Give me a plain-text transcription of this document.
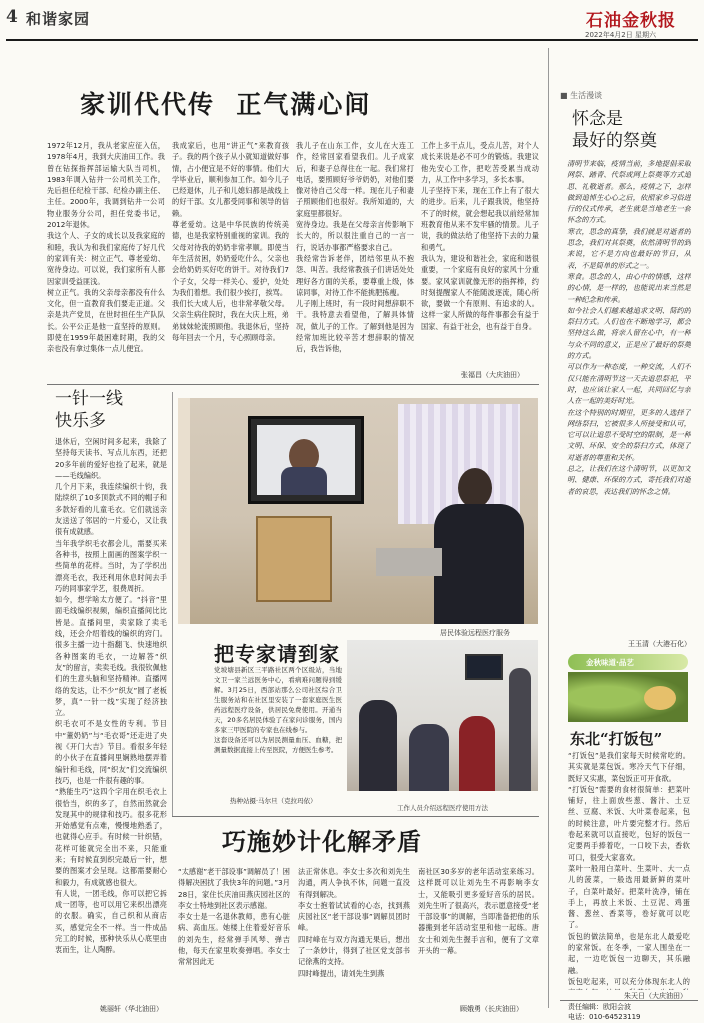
4 和谐家园	石油金秋报
2022年4月2日 星期六
家训代代传  正气满心间
1972年12月，我从老家应征入伍，1978年4月，我到大庆油田工作。我曾在钻探指挥部运输大队当司机，1983年调入钻井一公司机关工作，先后担任纪检干部、纪检办副主任、主任。2000年，我调到钻井一公司物业服务分公司，担任党委书记，2012年退休。
我这个人、子女的成长以及我家庭的和睦，我认为和我们家庭传了好几代的家训有关：树立正气、尊老爱幼、宽待身边。可以说，我们家所有人都因家训受益匪浅。
树立正气。我的父亲母亲都没有什么文化，但一直教育我们要走正道。父亲是共产党员，在世时担任生产队队长。公平公正是他一直坚持的原则。即使在1959年最困难时期，我的父亲也没有拿过集体一点儿便宜。
我成家后，也用“讲正气”来教育孩子。我的两个孩子从小就知道做好事情，占小便宜是不好的事情。他们大学毕业后，顺利参加工作。如今儿子已经退休，儿子和儿媳妇都是战线上的好干部。女儿都受同事和领导的信赖。
尊老爱幼。这是中华民族的传统美德，也是我家特别重视的家训。我的父母对待我的奶奶非常孝顺。即使当年生活贫困，奶奶爱吃什么，父亲也会给奶奶买好吃的饼干。对待我们7个子女，父母一样关心、爱护，处处为我们着想。我们很少挨打，挨骂。
我们长大成人后，也非常孝敬父母。父亲生病住院时，我在大庆上班，弟弟妹妹轮流照顾他。我退休后，坚持每年回去一个月，专心照顾母亲。
我儿子在山东工作，女儿在大连工作，经常回家看望我们。儿子成家后，和妻子总得住在一起。我们常打电话，要照顾好爷爷奶奶，对他们要像对待自己父母一样。现在儿子和妻子照顾他们也很好。我所知道的，大家庭里都很好。
宽待身边。我是在父母亲言传影响下长大的，所以很注重自己的一言一行，说话办事都严格要求自己。
我经常告诉老伴，团结邻里从不抱怨、叫苦。我经常教孩子们讲话处处理好各方面的关系，要尊重上级，体谅同事，对待工作不能挑肥拣瘦。
儿子刚上班时，有一段时间想辞职不干。我特意去看望他，了解具体情况，做儿子的工作。了解到他是因为经常加班比较辛苦才想辞职的情况后，我告诉他，
工作上多干点儿，受点儿苦，对个人成长来说是必不可少的锻炼。我建议他先安心工作，把吃苦受累当成动力，从工作中多学习，多长本事。
儿子坚持下来，现在工作上有了很大的进步。后来，儿子跟我说，他坚持不了的时候，就会想起我以前经常加班教育他从来不发牢骚的情景。儿子说，我的做法给了他坚持下去的力量和勇气。
我认为，建设和谐社会，家庭和谐很重要，一个家庭有良好的家风十分重要。家风家训就像无形的指挥棒，约时刻提醒家人不能随波逐流，随心所欲，要做一个有原则、有追求的人。这样一家人所做的每件事都会有益于国家、有益于社会，也有益于自身。
张福昌（大庆油田）
一针一线
快乐多
退休后，空闲时间多起来，我除了坚持每天读书、写点儿东西，还把20多年前的爱好也捡了起来，就是——毛线编织。
几个月下来，我连续编织十钧，我陆续织了10多顶款式不同的帽子和多款好看的儿童毛衣。它们就送亲友送送了邻居的一片爱心，又让我很有成就感。
当年我学织毛衣都会儿，需要买来各种书，按照上面画的图案学织一些简单的花样。当时，为了学织出漂亮毛衣，我还利用休息时间去手巧的同事家学艺，很费周折。
如今，想学啥太方便了。“抖音”里面毛线编织视频，编织直播间比比皆是。直播间里，卖家除了卖毛线，还会介绍着线的编织的窍门。很多主播一边十指翻飞、快速地织各种图案的毛衣，一边解答“织友”的留言，卖卖毛线。我很钦佩他们的生意头脑和坚持精神。直播网络的发达，让不少“织友”圆了老板梦，真“一针一线”实现了经济独立。
织毛衣可不是女性的专利。节目中“董奶奶”与“毛衣哥”还走进了央视《开门大吉》节目。看很多年轻的小伙子在直播间里娴熟地摆弄着编针和毛线，同“织友”们交流编织技巧，也是一件很有趣的事。
“熟能生巧”这四个字用在织毛衣上很恰当，织的多了，自然而然就会发现其中的规律和技巧。很多花形开始感觉有点难，慢慢地熟悉了，也就得心应手。有时候一针织错，花样可能就完全出不来，只能重来；有时候直到织完最后一针，想要的图案才会呈现。这都需要耐心和毅力，有成就感也很大。
有人说，一团毛线，你可以把它拆成一团等，也可以用它来织出漂亮的衣服。确实，自己织和从商店买，感觉完全不一样。当一件成品完工的时候，那种快乐从心底里由衷而生，让人陶醉。
姚丽轩（华北油田）
居民体验远程医疗服务
把专家请到家
党坡塘县新区三平路社区两个区级站，当地文卫一家兰远医务中心，看病难问题得到缓解。3月25日，西部站那么公司社区综合卫生服务站和在社区里安装了一套家庭医生医药远程医疗设备，供居民免费使用。开通当天，20多名居民体验了在家问诊服务，国内多家三甲医院的专家也在线参与。
这套设备还可以为居民测量血压、血糖，把测量数据直接上传至医院，方便医生参考。
热种站摄·马尔旦（克拉玛依）
工作人员介绍远程医疗使用方法
巧施妙计化解矛盾
“太感谢”老干部设事”调解员了！困得解决困扰了我快3年的问题。”3月28日，家住长庆油田燕庆园社区的李女士特地到社区表示感谢。
李女士是一名退休教师，患有心脏病、高血压。她楼上住着爱好音乐的刘先生，经常弹手风琴、弹吉他，每天在家里吹奏弹唱。李女士常常因此无
法正常休息。李女士多次和刘先生沟通，两人争执不休，问题一直没有得到解决。
李女士抱着试试看的心态，找到燕庆园社区“老干部设事”调解员团时峰。
四时峰在与双方沟通无果后，想出了一条妙计，得到了社区党支部书记徐燕的支持。
四时峰提出，请刘先生到燕
南社区30多岁的老年活动室来练习。这样既可以让刘先生不再影响李女士，又能吸引更多爱好音乐的居民。刘先生听了很高兴，表示愿意接受“老干部设事”的调解，当即准备把他的乐器搬到老年活动室里和他一起练。唐女士和刘先生握手言和，便有了文章开头的一幕。
顾娥勇（长庆油田）
■ 生活漫谈
怀念是
最好的祭奠
清明节来临，疫情当前，多地提倡采取网祭、踏青、代祭或网上祭奠等方式追思、礼敬逝者。那么，疫情之下，怎样做到追悼生心心之后，依照家乡习俗进行的仪式传承，老生就是当地老生一套怀念的方式。
寒衣，思念的真挚，我们就是对逝者的思念，我们对其祭奠，依然清明节的到来说，它不是方向也最好的节日，从表，不是简单的形式之一。
寒食。思念的人，由心中的情感，这样的心情，是一样的，也能说出来当然是一种纪念和传承。
如今社会人们越来越追求文明、简约的祭扫方式。人们也在不断地学习，都会坚持这么做，将亲人留在心中，有一种与众不同的意义，正是应了最好的祭奠的方式。
可以作为一种态度，一种交流，人们不仅只能在清明节这一天去追思祭祀，平时，也应该让家人一起，共同回忆与亲人在一起的美好时光。
在这个特别的时期里，更多的人选择了网络祭扫，它被很多人所接受和认可，它可以让追思不受时空的限制，是一种文明、环保、安全的祭扫方式，体现了对逝者的尊重和关怀。
总之，让我们在这个清明节，以更加文明、健康、环保的方式，寄托我们对逝者的哀思，表达我们的怀念之情。
王玉清（大港石化）
金秋味道·品艺
东北“打饭包”
“打饭包”是我们家每天时候常吃的。其实就是菜包饭。寒冷天气下仔细，既好又实惠，菜包饭正可开食欲。
“打饭包”需要的食材很简单：把菜叶铺好，往上面放些葱、酱汁、土豆丝、豆腐、米饭、大叶菜卷起来，包的时候注意，叶片要完整才行。然后卷起来就可以直接吃，包好的饭包一定要两手捧着吃，一口咬下去，香软可口，很受大家喜欢。
菜叶一般用白菜叶、生菜叶、大一点儿的菠菜，一般选用最新鲜的菜叶子，白菜叶最好。把菜叶洗净，铺在手上，再放上米饭、土豆泥、鸡蛋酱、葱丝、香菜等，卷好就可以吃了。
饭包的做法简单，也是东北人最爱吃的家常饭。在冬季，一家人围坐在一起，一边吃饭包一边聊天，其乐融融。
饭包吃起来，可以充分体现东北人的
朱天日（大庆油田）
责任编辑：欧阳会波
电话：010-64523119
